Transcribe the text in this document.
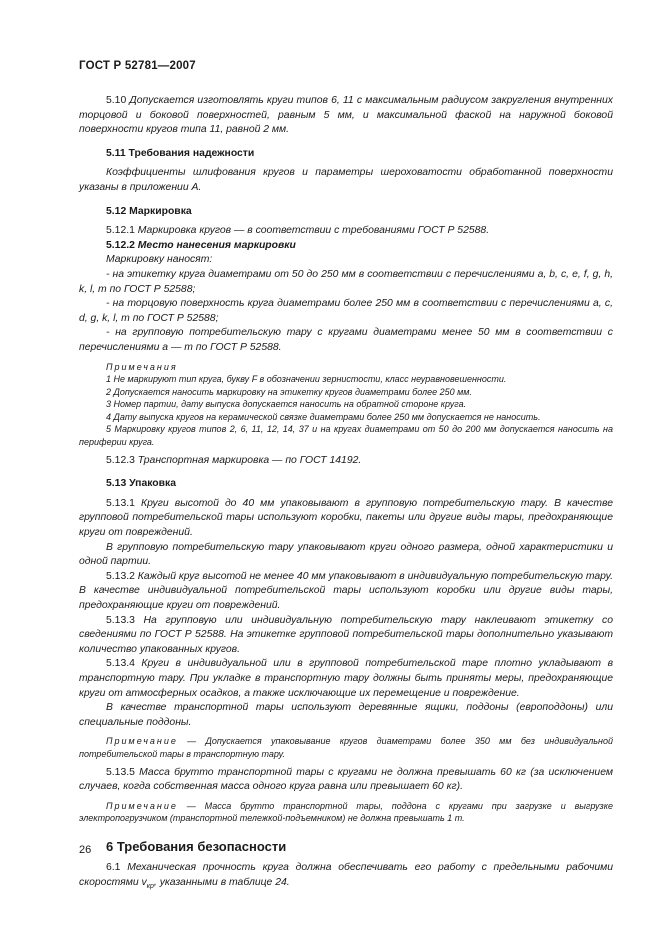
ГОСТ Р 52781—2007

5.10 Допускается изготовлять круги типов 6, 11 с максимальным радиусом закругления внутренних торцовой и боковой поверхностей, равным 5 мм, и максимальной фаской на наружной боковой поверхности кругов типа 11, равной 2 мм.

5.11 Требования надежности

Коэффициенты шлифования кругов и параметры шероховатости обработанной поверхности указаны в приложении А.

5.12 Маркировка

5.12.1 Маркировка кругов — в соответствии с требованиями ГОСТ Р 52588.

5.12.2 Место нанесения маркировки

Маркировку наносят:

- на этикетку круга диаметрами от 50 до 250 мм в соответствии с перечислениями а, b, с, е, f, g, h, k, l, m по ГОСТ Р 52588;

- на торцовую поверхность круга диаметрами более 250 мм в соответствии с перечислениями а, с, d, g, k, l, m по ГОСТ Р 52588;

- на групповую потребительскую тару с кругами диаметрами менее 50 мм в соответствии с перечислениями а — m по ГОСТ Р 52588.

Примечания

1 Не маркируют тип круга, букву F в обозначении зернистости, класс неуравновешенности.

2 Допускается наносить маркировку на этикетку кругов диаметрами более 250 мм.

3 Номер партии, дату выпуска допускается наносить на обратной стороне круга.

4 Дату выпуска кругов на керамической связке диаметрами более 250 мм допускается не наносить.

5 Маркировку кругов типов 2, 6, 11, 12, 14, 37 и на кругах диаметрами от 50 до 200 мм допускается наносить на периферии круга.

5.12.3 Транспортная маркировка — по ГОСТ 14192.

5.13 Упаковка

5.13.1 Круги высотой до 40 мм упаковывают в групповую потребительскую тару. В качестве групповой потребительской тары используют коробки, пакеты или другие виды тары, предохраняющие круги от повреждений.

В групповую потребительскую тару упаковывают круги одного размера, одной характеристики и одной партии.

5.13.2 Каждый круг высотой не менее 40 мм упаковывают в индивидуальную потребительскую тару. В качестве индивидуальной потребительской тары используют коробки или другие виды тары, предохраняющие круги от повреждений.

5.13.3 На групповую или индивидуальную потребительскую тару наклеивают этикетку со сведениями по ГОСТ Р 52588. На этикетке групповой потребительской тары дополнительно указывают количество упакованных кругов.

5.13.4 Круги в индивидуальной или в групповой потребительской таре плотно укладывают в транспортную тару. При укладке в транспортную тару должны быть приняты меры, предохраняющие круги от атмосферных осадков, а также исключающие их перемещение и повреждение.

В качестве транспортной тары используют деревянные ящики, поддоны (европоддоны) или специальные поддоны.

Примечание — Допускается упаковывание кругов диаметрами более 350 мм без индивидуальной потребительской тары в транспортную тару.

5.13.5 Масса брутто транспортной тары с кругами не должна превышать 60 кг (за исключением случаев, когда собственная масса одного круга равна или превышает 60 кг).

Примечание — Масса брутто транспортной тары, поддона с кругами при загрузке и выгрузке электропогрузчиком (транспортной тележкой-подъемником) не должна превышать 1 т.

6 Требования безопасности

6.1 Механическая прочность круга должна обеспечивать его работу с предельными рабочими скоростями $v_{кр}$, указанными в таблице 24.

26
